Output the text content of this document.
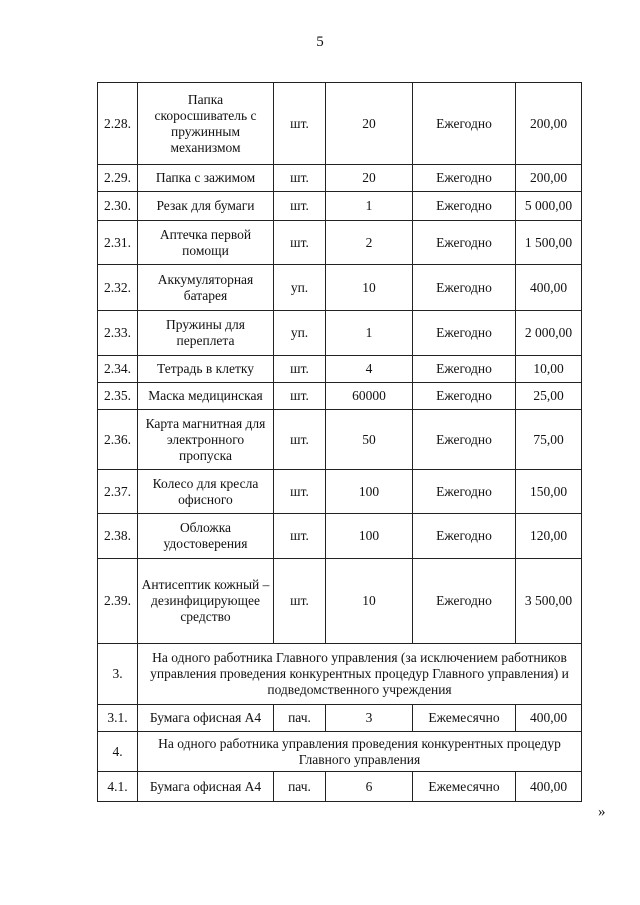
5
2.28.	Папка скоросшиватель с пружинным механизмом	шт.	20	Ежегодно	200,00
2.29.	Папка с зажимом	шт.	20	Ежегодно	200,00
2.30.	Резак для бумаги	шт.	1	Ежегодно	5 000,00
2.31.	Аптечка первой помощи	шт.	2	Ежегодно	1 500,00
2.32.	Аккумуляторная батарея	уп.	10	Ежегодно	400,00
2.33.	Пружины для переплета	уп.	1	Ежегодно	2 000,00
2.34.	Тетрадь в клетку	шт.	4	Ежегодно	10,00
2.35.	Маска медицинская	шт.	60000	Ежегодно	25,00
2.36.	Карта магнитная для электронного пропуска	шт.	50	Ежегодно	75,00
2.37.	Колесо для кресла офисного	шт.	100	Ежегодно	150,00
2.38.	Обложка удостоверения	шт.	100	Ежегодно	120,00
2.39.	Антисептик кожный – дезинфицирующее средство	шт.	10	Ежегодно	3 500,00
3.	На одного работника Главного управления (за исключением работников управления проведения конкурентных процедур Главного управления) и подведомственного учреждения				
3.1.	Бумага офисная А4	пач.	3	Ежемесячно	400,00
4.	На одного работника управления проведения конкурентных процедур Главного управления				
4.1.	Бумага офисная А4	пач.	6	Ежемесячно	400,00
»
